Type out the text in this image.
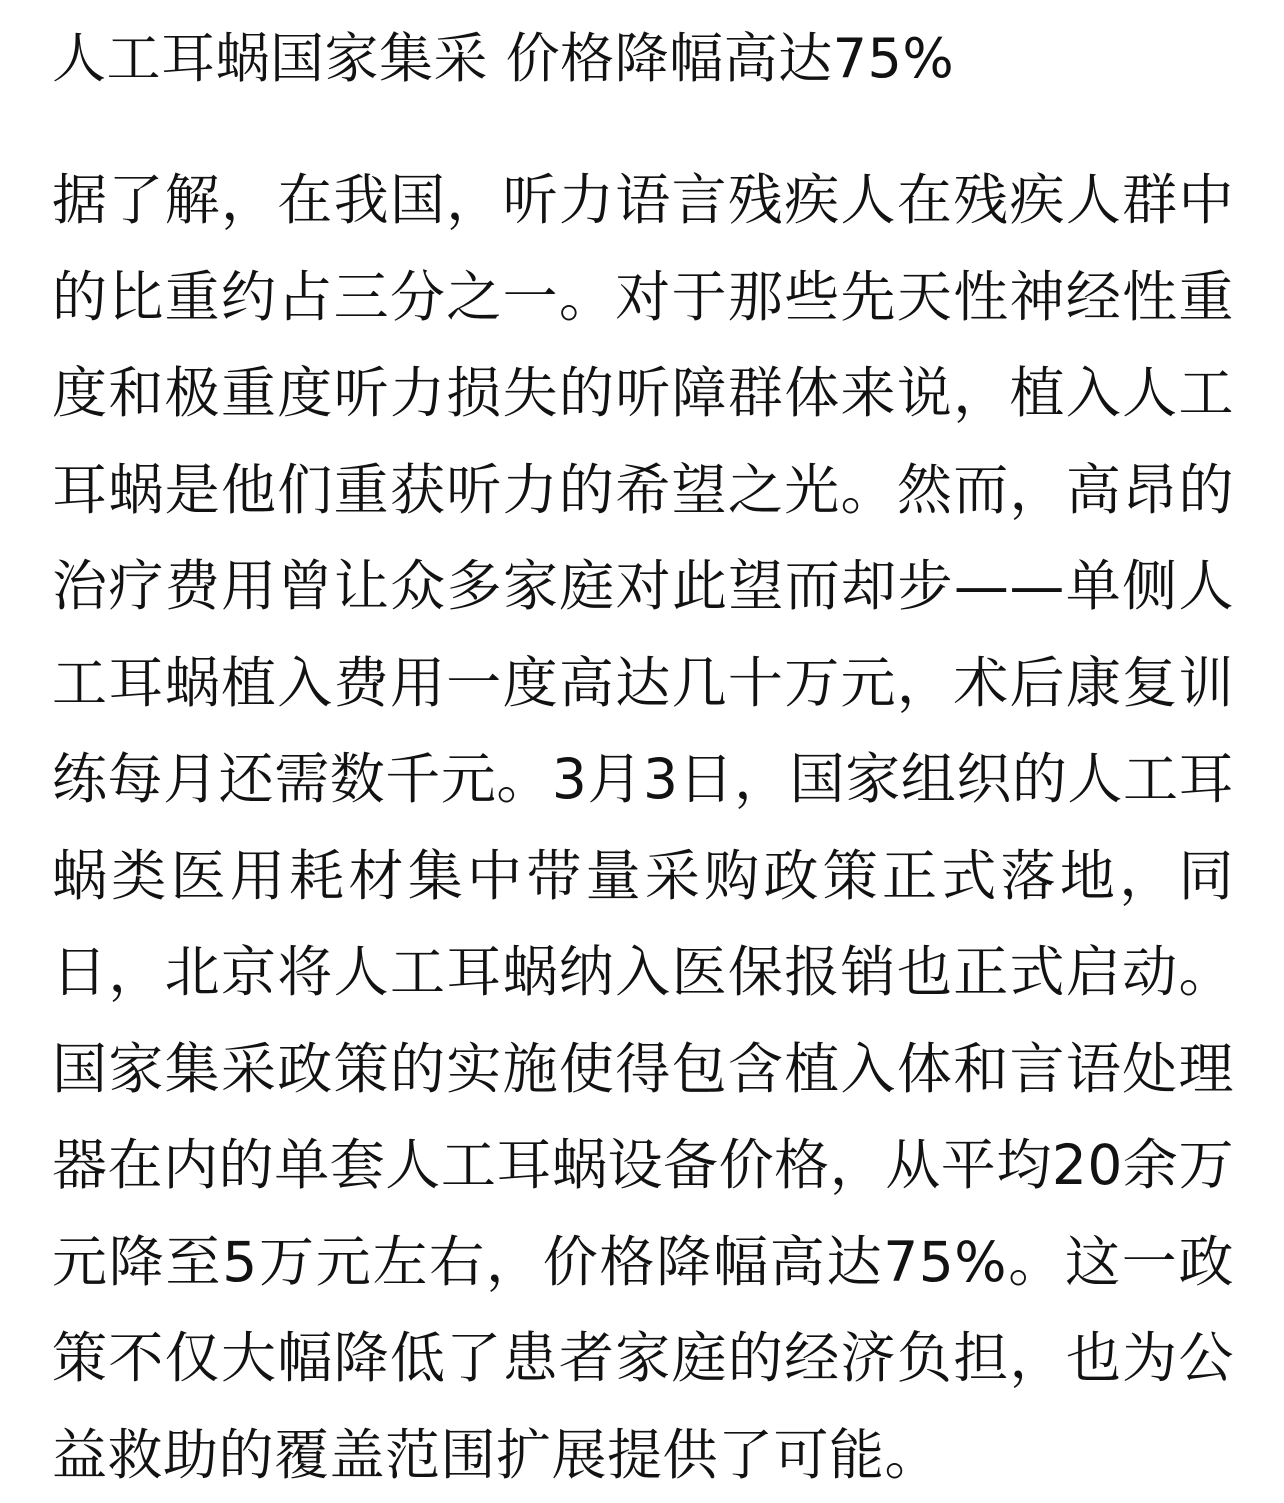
人工耳蜗国家集采 价格降幅高达75%

据了解，在我国，听力语言残疾人在残疾人群中的比重约占三分之一。对于那些先天性神经性重度和极重度听力损失的听障群体来说，植入人工耳蜗是他们重获听力的希望之光。然而，高昂的治疗费用曾让众多家庭对此望而却步——单侧人工耳蜗植入费用一度高达几十万元，术后康复训练每月还需数千元。3月3日，国家组织的人工耳蜗类医用耗材集中带量采购政策正式落地，同日，北京将人工耳蜗纳入医保报销也正式启动。国家集采政策的实施使得包含植入体和言语处理器在内的单套人工耳蜗设备价格，从平均20余万元降至5万元左右，价格降幅高达75%。这一政策不仅大幅降低了患者家庭的经济负担，也为公益救助的覆盖范围扩展提供了可能。
